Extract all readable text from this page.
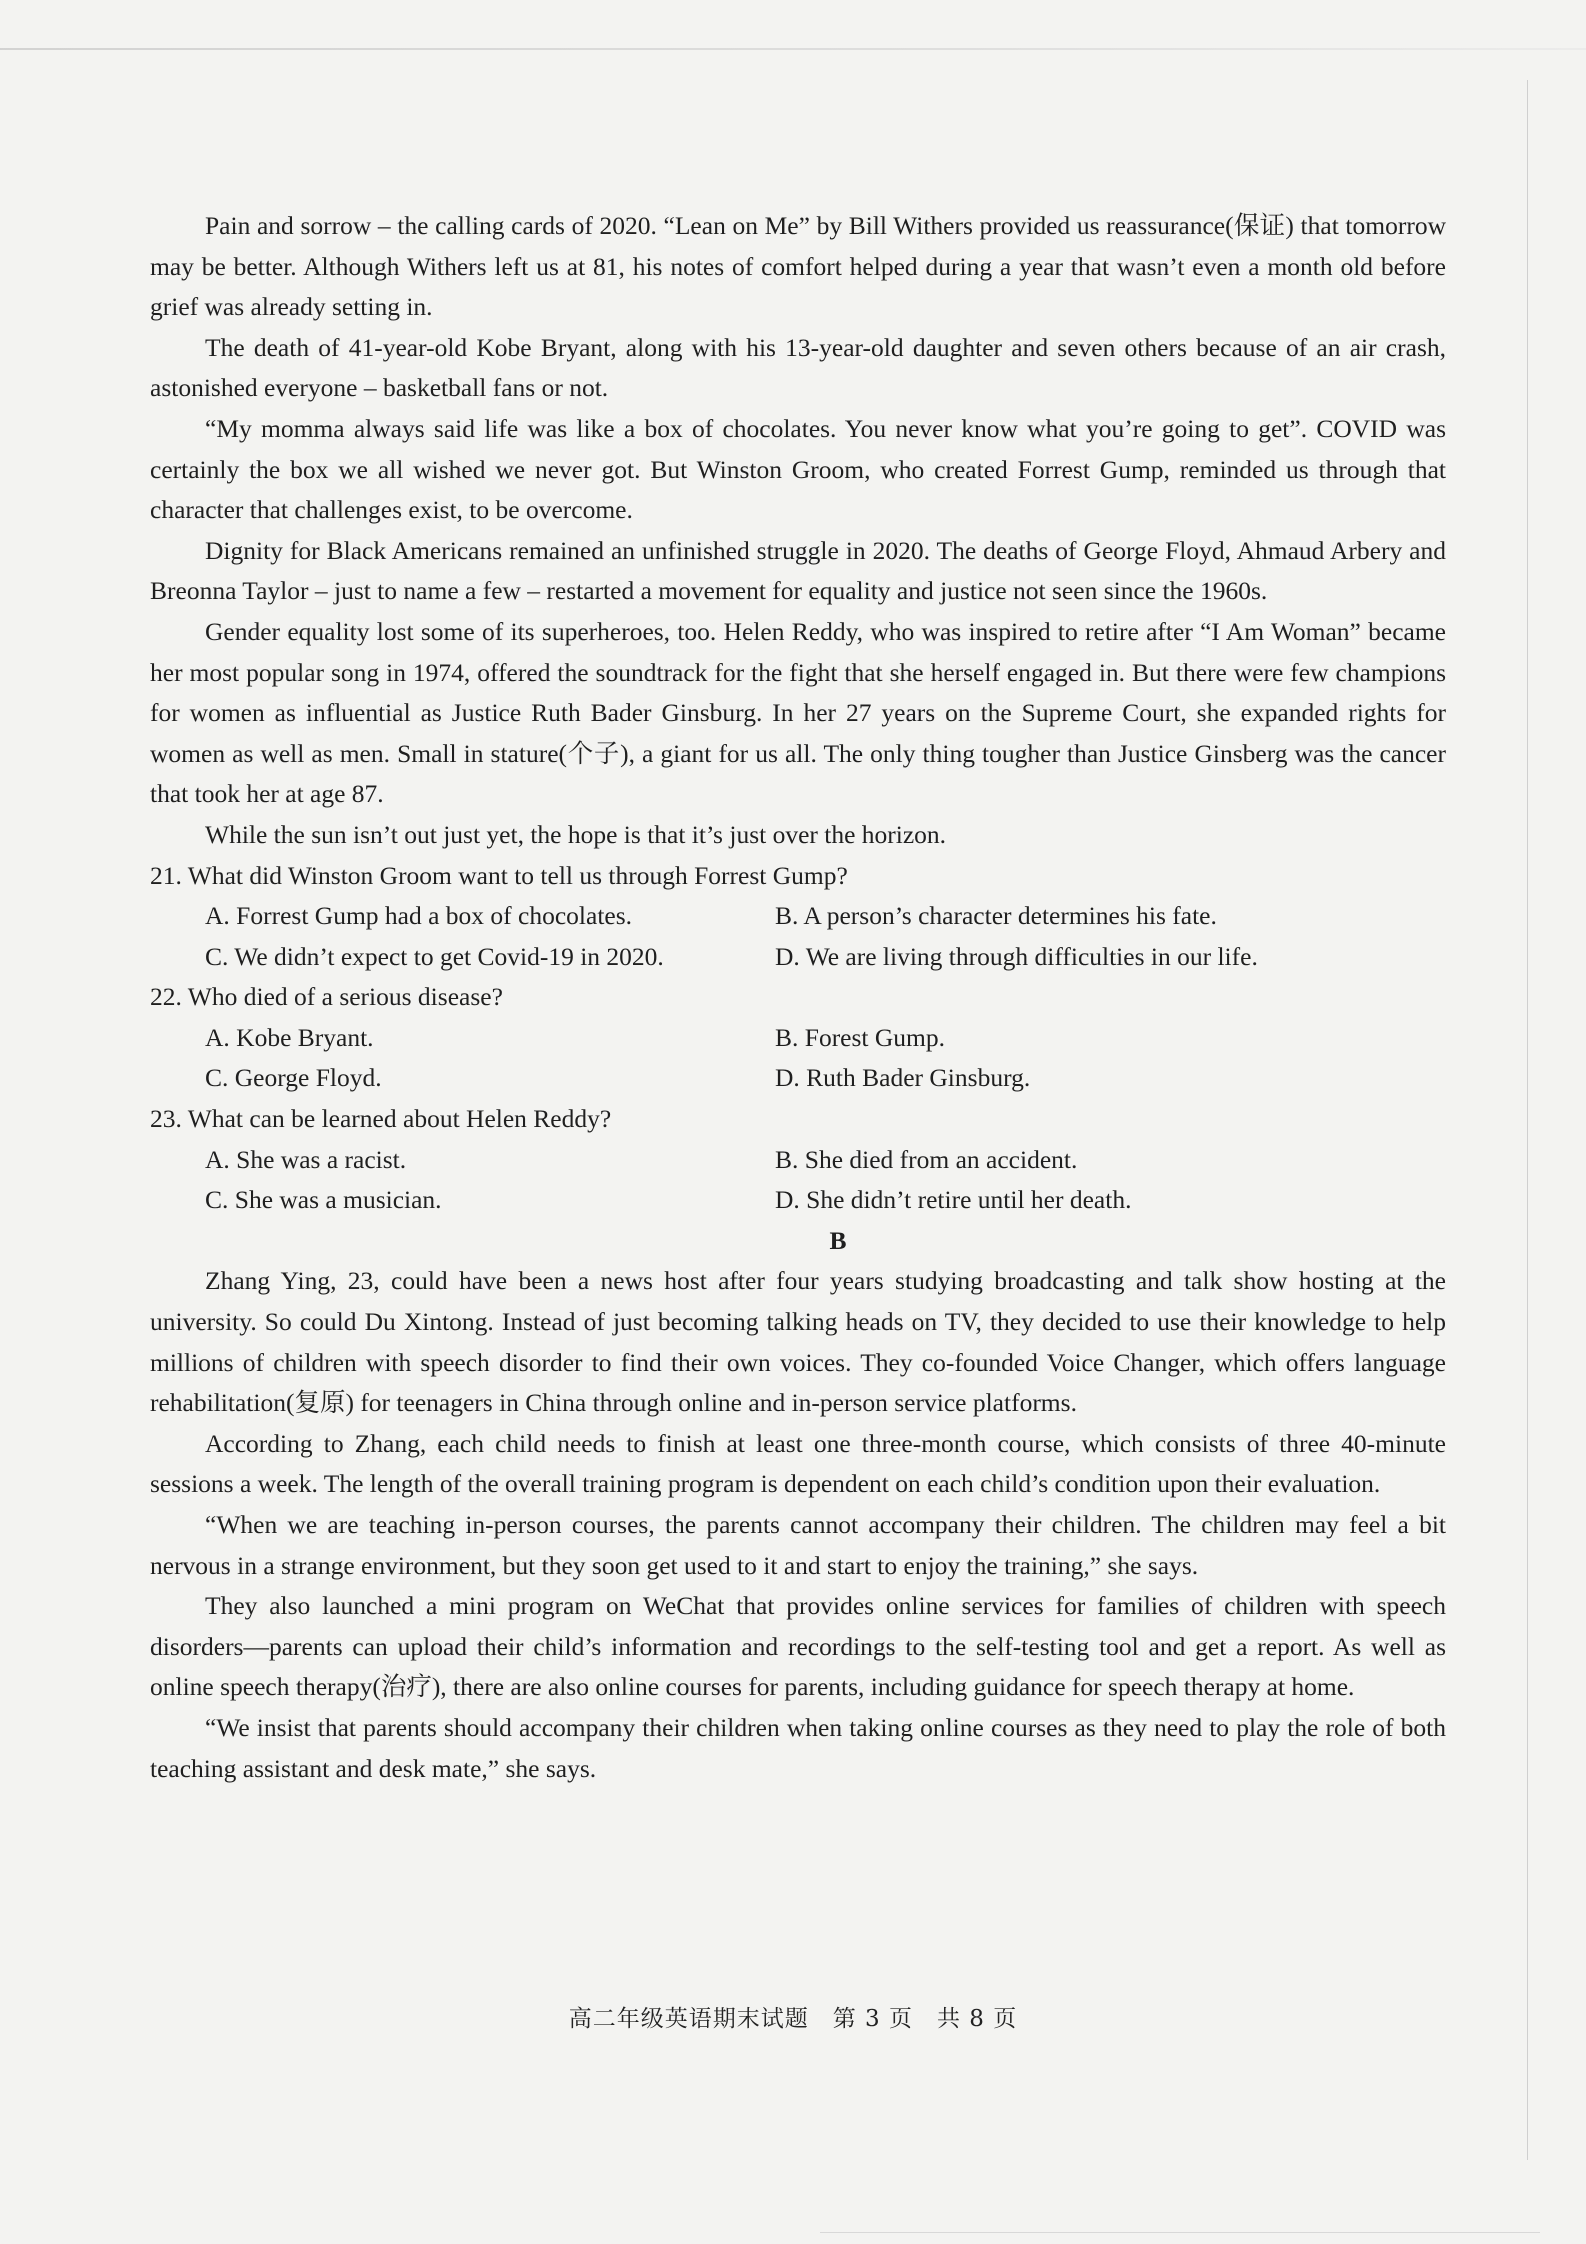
Pain and sorrow – the calling cards of 2020. “Lean on Me” by Bill Withers provided us reassurance(保证) that tomorrow may be better. Although Withers left us at 81, his notes of comfort helped during a year that wasn’t even a month old before grief was already setting in.

The death of 41-year-old Kobe Bryant, along with his 13-year-old daughter and seven others because of an air crash, astonished everyone – basketball fans or not.

“My momma always said life was like a box of chocolates. You never know what you’re going to get”. COVID was certainly the box we all wished we never got. But Winston Groom, who created Forrest Gump, reminded us through that character that challenges exist, to be overcome.

Dignity for Black Americans remained an unfinished struggle in 2020. The deaths of George Floyd, Ahmaud Arbery and Breonna Taylor – just to name a few – restarted a movement for equality and justice not seen since the 1960s.

Gender equality lost some of its superheroes, too. Helen Reddy, who was inspired to retire after “I Am Woman” became her most popular song in 1974, offered the soundtrack for the fight that she herself engaged in. But there were few champions for women as influential as Justice Ruth Bader Ginsburg. In her 27 years on the Supreme Court, she expanded rights for women as well as men. Small in stature(个子), a giant for us all. The only thing tougher than Justice Ginsberg was the cancer that took her at age 87.

While the sun isn’t out just yet, the hope is that it’s just over the horizon.

21. What did Winston Groom want to tell us through Forrest Gump?

A. Forrest Gump had a box of chocolates.	B. A person’s character determines his fate.
C. We didn’t expect to get Covid-19 in 2020.	D. We are living through difficulties in our life.

22. Who died of a serious disease?

A. Kobe Bryant.	B. Forest Gump.
C. George Floyd.	D. Ruth Bader Ginsburg.

23. What can be learned about Helen Reddy?

A. She was a racist.	B. She died from an accident.
C. She was a musician.	D. She didn’t retire until her death.

B

Zhang Ying, 23, could have been a news host after four years studying broadcasting and talk show hosting at the university. So could Du Xintong. Instead of just becoming talking heads on TV, they decided to use their knowledge to help millions of children with speech disorder to find their own voices. They co-founded Voice Changer, which offers language rehabilitation(复原) for teenagers in China through online and in-person service platforms.

According to Zhang, each child needs to finish at least one three-month course, which consists of three 40-minute sessions a week. The length of the overall training program is dependent on each child’s condition upon their evaluation.

“When we are teaching in-person courses, the parents cannot accompany their children. The children may feel a bit nervous in a strange environment, but they soon get used to it and start to enjoy the training,” she says.

They also launched a mini program on WeChat that provides online services for families of children with speech disorders—parents can upload their child’s information and recordings to the self-testing tool and get a report. As well as online speech therapy(治疗), there are also online courses for parents, including guidance for speech therapy at home.

“We insist that parents should accompany their children when taking online courses as they need to play the role of both teaching assistant and desk mate,” she says.

高二年级英语期末试题　第 3 页　共 8 页
